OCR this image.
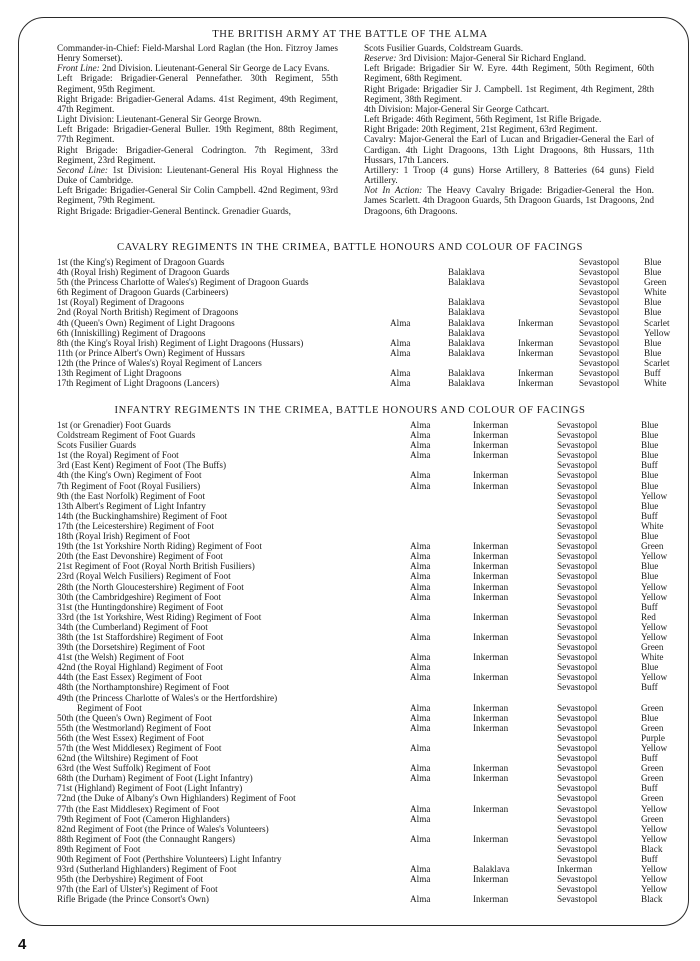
THE BRITISH ARMY AT THE BATTLE OF THE ALMA

Commander-in-Chief: Field-Marshal Lord Raglan (the Hon. Fitzroy James Henry Somerset).

Front Line: 2nd Division. Lieutenant-General Sir George de Lacy Evans.

Left Brigade: Brigadier-General Pennefather. 30th Regiment, 55th Regiment, 95th Regiment.

Right Brigade: Brigadier-General Adams. 41st Regiment, 49th Regiment, 47th Regiment.

Light Division: Lieutenant-General Sir George Brown.

Left Brigade: Brigadier-General Buller. 19th Regiment, 88th Regiment, 77th Regiment.

Right Brigade: Brigadier-General Codrington. 7th Regiment, 33rd Regiment, 23rd Regiment.

Second Line: 1st Division: Lieutenant-General His Royal Highness the Duke of Cambridge.

Left Brigade: Brigadier-General Sir Colin Campbell. 42nd Regiment, 93rd Regiment, 79th Regiment.

Right Brigade: Brigadier-General Bentinck. Grenadier Guards,

Scots Fusilier Guards, Coldstream Guards.

Reserve: 3rd Division: Major-General Sir Richard England.

Left Brigade: Brigadier Sir W. Eyre. 44th Regiment, 50th Regiment, 60th Regiment, 68th Regiment.

Right Brigade: Brigadier Sir J. Campbell. 1st Regiment, 4th Regiment, 28th Regiment, 38th Regiment.

4th Division: Major-General Sir George Cathcart.

Left Brigade: 46th Regiment, 56th Regiment, 1st Rifle Brigade.

Right Brigade: 20th Regiment, 21st Regiment, 63rd Regiment.

Cavalry: Major-General the Earl of Lucan and Brigadier-General the Earl of Cardigan. 4th Light Dragoons, 13th Light Dragoons, 8th Hussars, 11th Hussars, 17th Lancers.

Artillery: 1 Troop (4 guns) Horse Artillery, 8 Batteries (64 guns) Field Artillery.

Not In Action: The Heavy Cavalry Brigade: Brigadier-General the Hon. James Scarlett. 4th Dragoon Guards, 5th Dragoon Guards, 1st Dragoons, 2nd Dragoons, 6th Dragoons.

CAVALRY REGIMENTS IN THE CRIMEA, BATTLE HONOURS AND COLOUR OF FACINGS
1st (the King's) Regiment of Dragoon Guards				Sevastopol	Blue
4th (Royal Irish) Regiment of Dragoon Guards		Balaklava		Sevastopol	Blue
5th (the Princess Charlotte of Wales's) Regiment of Dragoon Guards		Balaklava		Sevastopol	Green
6th Regiment of Dragoon Guards (Carbineers)				Sevastopol	White
1st (Royal) Regiment of Dragoons		Balaklava		Sevastopol	Blue
2nd (Royal North British) Regiment of Dragoons		Balaklava		Sevastopol	Blue
4th (Queen's Own) Regiment of Light Dragoons	Alma	Balaklava	Inkerman	Sevastopol	Scarlet
6th (Inniskilling) Regiment of Dragoons		Balaklava		Sevastopol	Yellow
8th (the King's Royal Irish) Regiment of Light Dragoons (Hussars)	Alma	Balaklava	Inkerman	Sevastopol	Blue
11th (or Prince Albert's Own) Regiment of Hussars	Alma	Balaklava	Inkerman	Sevastopol	Blue
12th (the Prince of Wales's) Royal Regiment of Lancers				Sevastopol	Scarlet
13th Regiment of Light Dragoons	Alma	Balaklava	Inkerman	Sevastopol	Buff
17th Regiment of Light Dragoons (Lancers)	Alma	Balaklava	Inkerman	Sevastopol	White
INFANTRY REGIMENTS IN THE CRIMEA, BATTLE HONOURS AND COLOUR OF FACINGS
1st (or Grenadier) Foot Guards	Alma	Inkerman	Sevastopol	Blue
Coldstream Regiment of Foot Guards	Alma	Inkerman	Sevastopol	Blue
Scots Fusilier Guards	Alma	Inkerman	Sevastopol	Blue
1st (the Royal) Regiment of Foot	Alma	Inkerman	Sevastopol	Blue
3rd (East Kent) Regiment of Foot (The Buffs)			Sevastopol	Buff
4th (the King's Own) Regiment of Foot	Alma	Inkerman	Sevastopol	Blue
7th Regiment of Foot (Royal Fusiliers)	Alma	Inkerman	Sevastopol	Blue
9th (the East Norfolk) Regiment of Foot			Sevastopol	Yellow
13th Albert's Regiment of Light Infantry			Sevastopol	Blue
14th (the Buckinghamshire) Regiment of Foot			Sevastopol	Buff
17th (the Leicestershire) Regiment of Foot			Sevastopol	White
18th (Royal Irish) Regiment of Foot			Sevastopol	Blue
19th (the 1st Yorkshire North Riding) Regiment of Foot	Alma	Inkerman	Sevastopol	Green
20th (the East Devonshire) Regiment of Foot	Alma	Inkerman	Sevastopol	Yellow
21st Regiment of Foot (Royal North British Fusiliers)	Alma	Inkerman	Sevastopol	Blue
23rd (Royal Welch Fusiliers) Regiment of Foot	Alma	Inkerman	Sevastopol	Blue
28th (the North Gloucestershire) Regiment of Foot	Alma	Inkerman	Sevastopol	Yellow
30th (the Cambridgeshire) Regiment of Foot	Alma	Inkerman	Sevastopol	Yellow
31st (the Huntingdonshire) Regiment of Foot			Sevastopol	Buff
33rd (the 1st Yorkshire, West Riding) Regiment of Foot	Alma	Inkerman	Sevastopol	Red
34th (the Cumberland) Regiment of Foot			Sevastopol	Yellow
38th (the 1st Staffordshire) Regiment of Foot	Alma	Inkerman	Sevastopol	Yellow
39th (the Dorsetshire) Regiment of Foot			Sevastopol	Green
41st (the Welsh) Regiment of Foot	Alma	Inkerman	Sevastopol	White
42nd (the Royal Highland) Regiment of Foot	Alma		Sevastopol	Blue
44th (the East Essex) Regiment of Foot	Alma	Inkerman	Sevastopol	Yellow
48th (the Northamptonshire) Regiment of Foot			Sevastopol	Buff
49th (the Princess Charlotte of Wales's or the Hertfordshire)				
Regiment of Foot	Alma	Inkerman	Sevastopol	Green
50th (the Queen's Own) Regiment of Foot	Alma	Inkerman	Sevastopol	Blue
55th (the Westmorland) Regiment of Foot	Alma	Inkerman	Sevastopol	Green
56th (the West Essex) Regiment of Foot			Sevastopol	Purple
57th (the West Middlesex) Regiment of Foot	Alma		Sevastopol	Yellow
62nd (the Wiltshire) Regiment of Foot			Sevastopol	Buff
63rd (the West Suffolk) Regiment of Foot	Alma	Inkerman	Sevastopol	Green
68th (the Durham) Regiment of Foot (Light Infantry)	Alma	Inkerman	Sevastopol	Green
71st (Highland) Regiment of Foot (Light Infantry)			Sevastopol	Buff
72nd (the Duke of Albany's Own Highlanders) Regiment of Foot			Sevastopol	Green
77th (the East Middlesex) Regiment of Foot	Alma	Inkerman	Sevastopol	Yellow
79th Regiment of Foot (Cameron Highlanders)	Alma		Sevastopol	Green
82nd Regiment of Foot (the Prince of Wales's Volunteers)			Sevastopol	Yellow
88th Regiment of Foot (the Connaught Rangers)	Alma	Inkerman	Sevastopol	Yellow
89th Regiment of Foot			Sevastopol	Black
90th Regiment of Foot (Perthshire Volunteers) Light Infantry			Sevastopol	Buff
93rd (Sutherland Highlanders) Regiment of Foot	Alma	Balaklava	Inkerman	Yellow
95th (the Derbyshire) Regiment of Foot	Alma	Inkerman	Sevastopol	Yellow
97th (the Earl of Ulster's) Regiment of Foot			Sevastopol	Yellow
Rifle Brigade (the Prince Consort's Own)	Alma	Inkerman	Sevastopol	Black
4
